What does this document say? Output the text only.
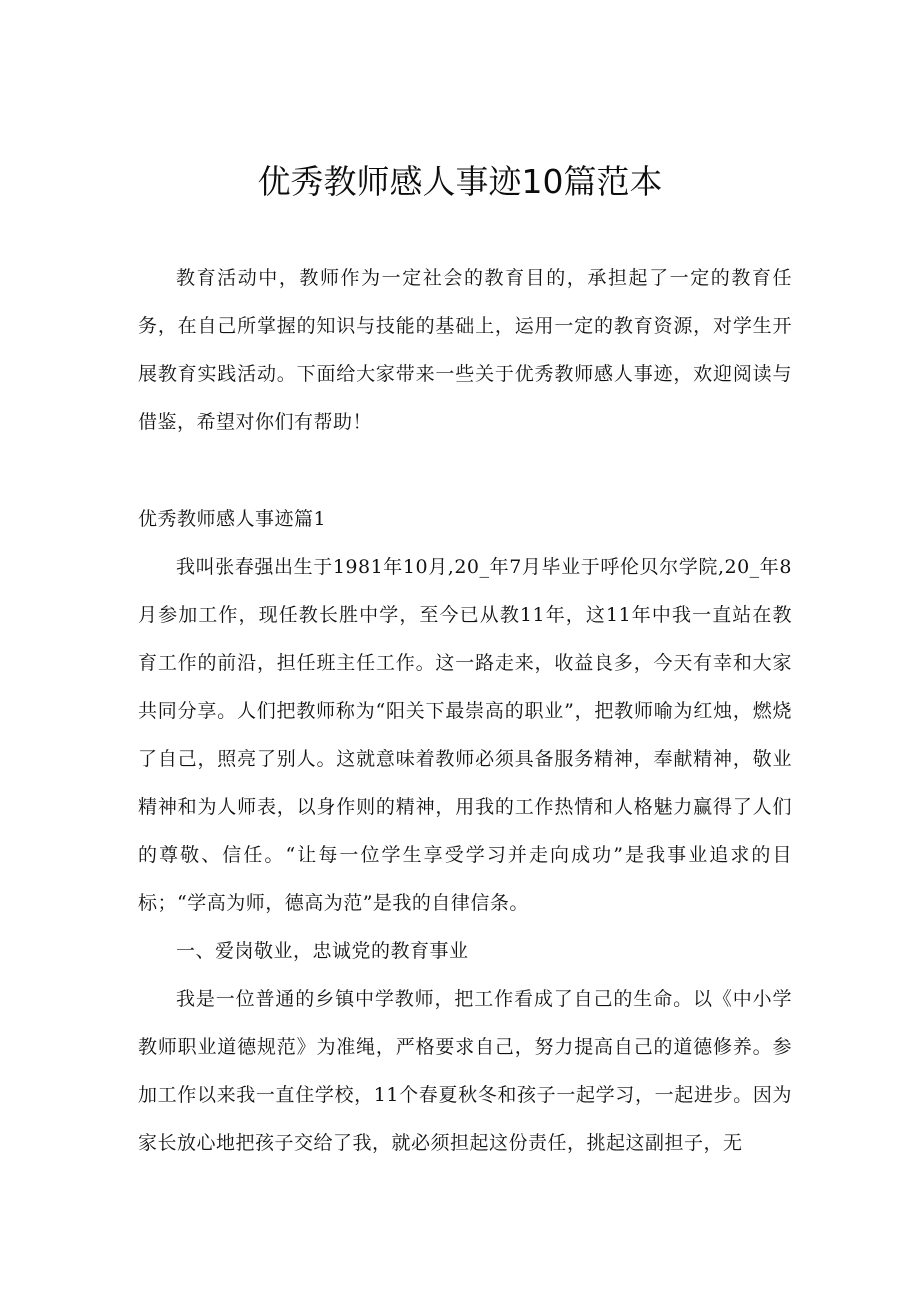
优秀教师感人事迹10篇范本

教育活动中，教师作为一定社会的教育目的，承担起了一定的教育任务，在自己所掌握的知识与技能的基础上，运用一定的教育资源，对学生开展教育实践活动。下面给大家带来一些关于优秀教师感人事迹，欢迎阅读与借鉴，希望对你们有帮助！

优秀教师感人事迹篇1

我叫张春强出生于1981年10月,20_年7月毕业于呼伦贝尔学院,20_年8月参加工作，现任教长胜中学，至今已从教11年，这11年中我一直站在教育工作的前沿，担任班主任工作。这一路走来，收益良多，今天有幸和大家共同分享。人们把教师称为“阳关下最崇高的职业”，把教师喻为红烛，燃烧了自己，照亮了别人。这就意味着教师必须具备服务精神，奉献精神，敬业精神和为人师表，以身作则的精神，用我的工作热情和人格魅力赢得了人们的尊敬、信任。“让每一位学生享受学习并走向成功”是我事业追求的目标；“学高为师，德高为范”是我的自律信条。

一、爱岗敬业，忠诚党的教育事业

我是一位普通的乡镇中学教师，把工作看成了自己的生命。以《中小学教师职业道德规范》为准绳，严格要求自己，努力提高自己的道德修养。参加工作以来我一直住学校，11个春夏秋冬和孩子一起学习，一起进步。因为家长放心地把孩子交给了我，就必须担起这份责任，挑起这副担子，无
